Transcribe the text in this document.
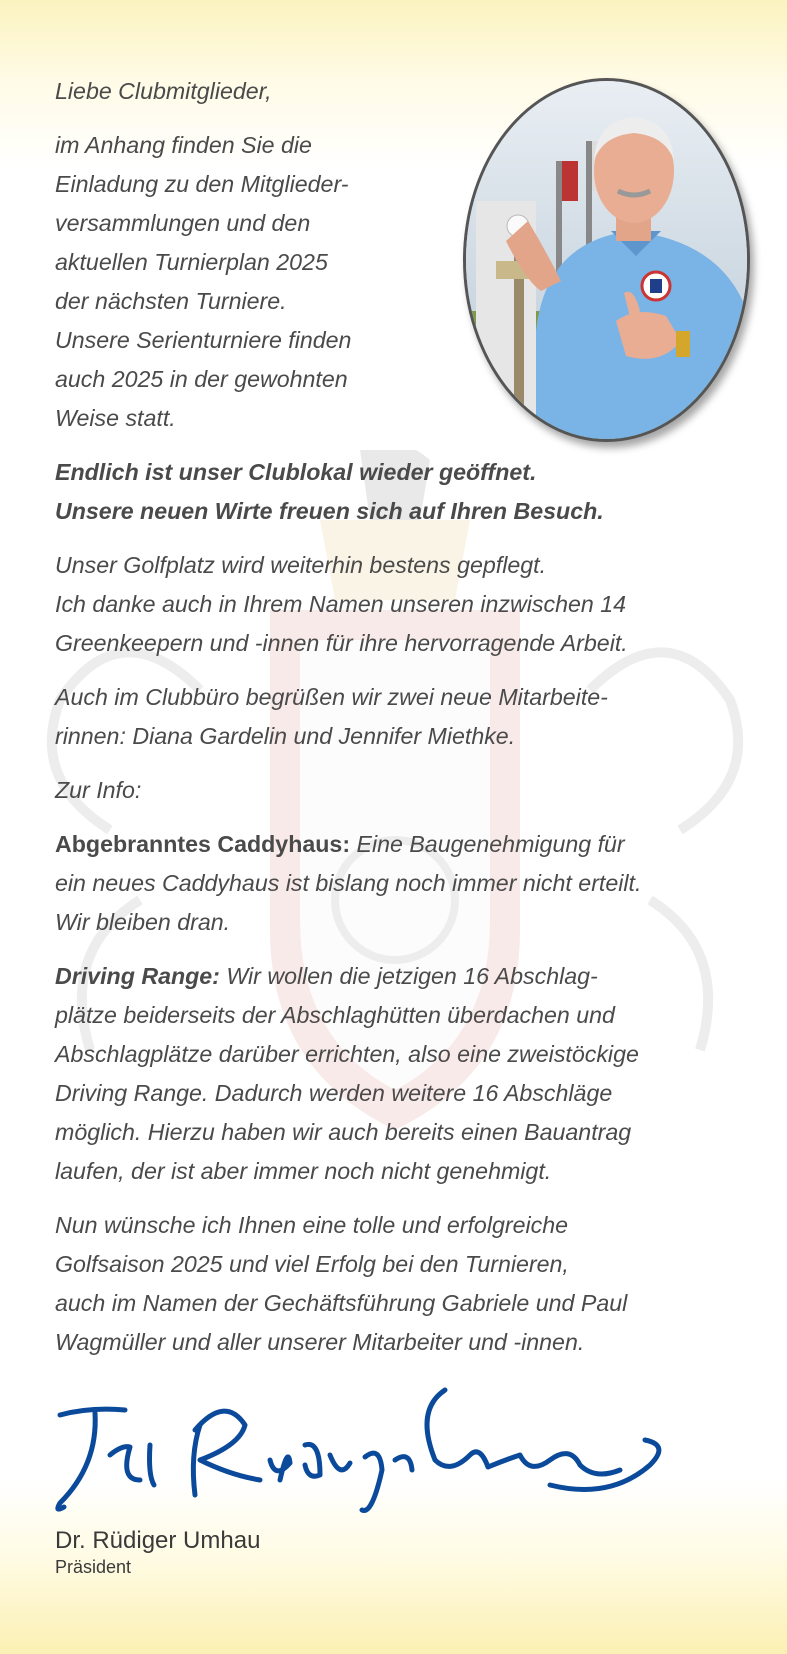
Liebe Clubmitglieder,

im Anhang finden Sie die

Einladung zu den Mitglieder-

versammlungen und den

aktuellen Turnierplan 2025

der nächsten Turniere.

Unsere Serienturniere finden

auch 2025 in der gewohnten

Weise statt.

Endlich ist unser Clublokal wieder geöffnet.

Unsere neuen Wirte freuen sich auf Ihren Besuch.

Unser Golfplatz wird weiterhin bestens gepflegt.

Ich danke auch in Ihrem Namen unseren inzwischen 14

Greenkeepern und -innen für ihre hervorragende Arbeit.

Auch im Clubbüro begrüßen wir zwei neue Mitarbeite-

rinnen: Diana Gardelin und Jennifer Miethke.

Zur Info:

Abgebranntes Caddyhaus: Eine Baugenehmigung für

ein neues Caddyhaus ist bislang noch immer nicht erteilt.

Wir bleiben dran.

Driving Range: Wir wollen die jetzigen 16 Abschlag-

plätze beiderseits der Abschlaghütten überdachen und

Abschlagplätze darüber errichten, also eine zweistöckige

Driving Range. Dadurch werden weitere 16 Abschläge

möglich. Hierzu haben wir auch bereits einen Bauantrag

laufen, der ist aber immer noch nicht genehmigt.

Nun wünsche ich Ihnen eine tolle und erfolgreiche

Golfsaison 2025 und viel Erfolg bei den Turnieren,

auch im Namen der Gechäftsführung Gabriele und Paul

Wagmüller und aller unserer Mitarbeiter und -innen.

Dr. Rüdiger Umhau
Präsident
